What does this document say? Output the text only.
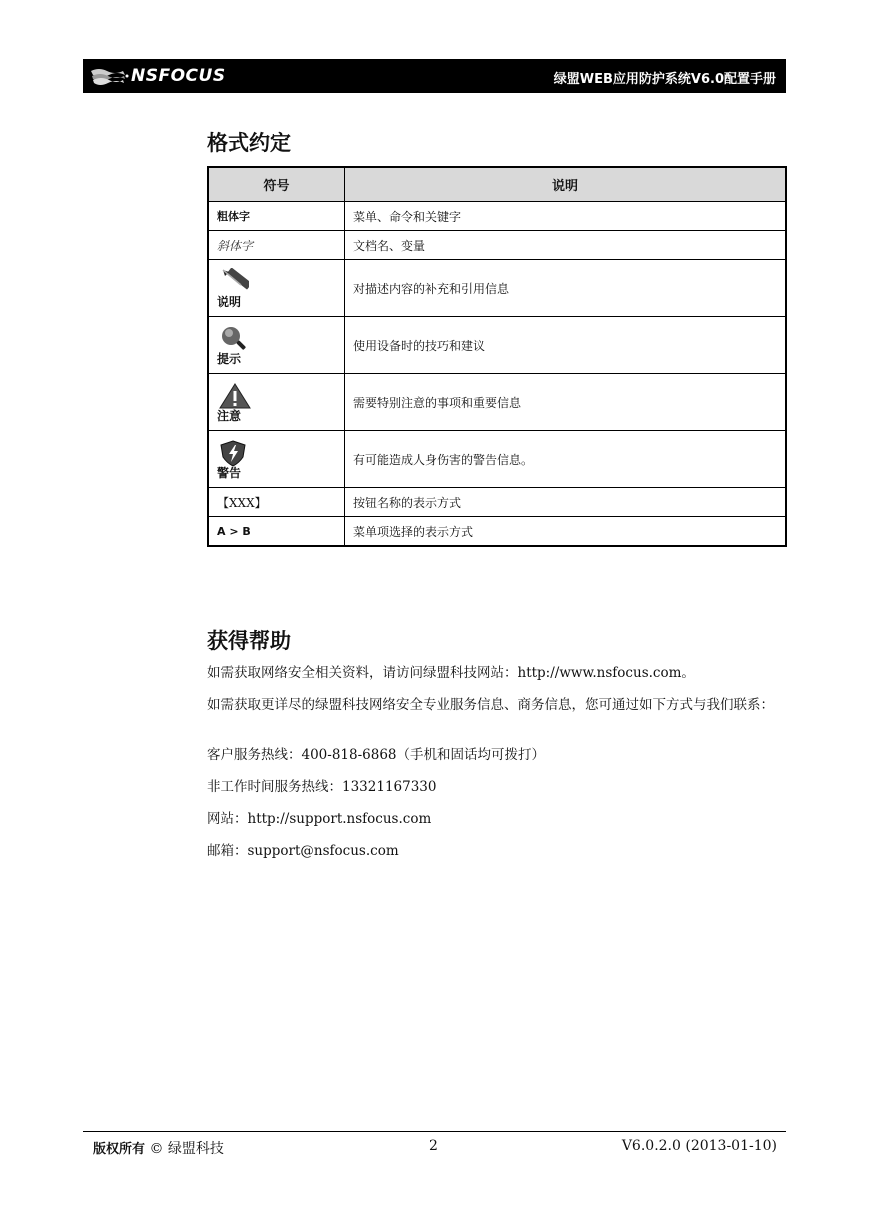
NSFOCUS	绿盟WEB应用防护系统V6.0配置手册
格式约定
符号	说明
粗体字	菜单、命令和关键字
斜体字	文档名、变量

说明	对描述内容的补充和引用信息

提示	使用设备时的技巧和建议

注意	需要特别注意的事项和重要信息

警告	有可能造成人身伤害的警告信息。
【XXX】	按钮名称的表示方式
A > B	菜单项选择的表示方式
获得帮助

如需获取网络安全相关资料，请访问绿盟科技网站：http://www.nsfocus.com。

如需获取更详尽的绿盟科技网络安全专业服务信息、商务信息，您可通过如下方式与我们联系：

客户服务热线：400-818-6868（手机和固话均可拨打）

非工作时间服务热线：13321167330

网站：http://support.nsfocus.com

邮箱：support@nsfocus.com

版权所有 © 绿盟科技	2	V6.0.2.0 (2013-01-10)
